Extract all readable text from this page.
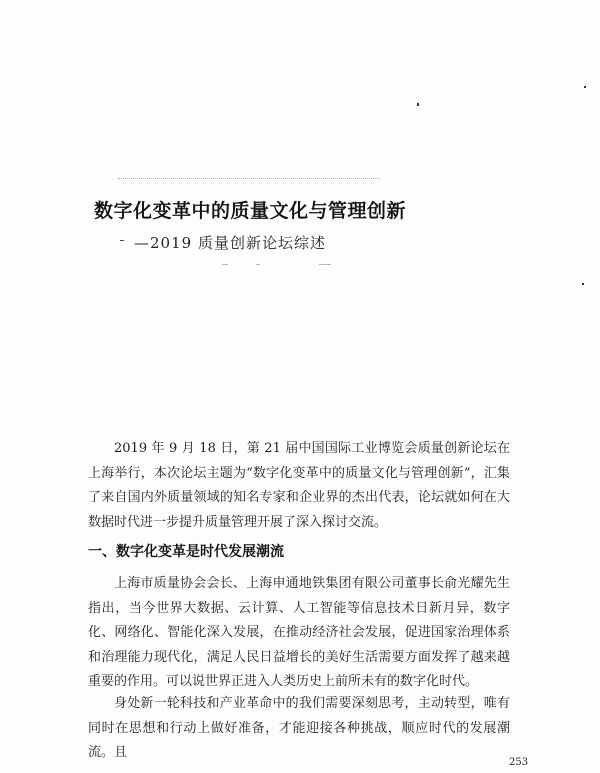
数字化变革中的质量文化与管理创新
—2019 质量创新论坛综述

2019 年 9 月 18 日，第 21 届中国国际工业博览会质量创新论坛在上海举行，本次论坛主题为“数字化变革中的质量文化与管理创新”，汇集了来自国内外质量领域的知名专家和企业界的杰出代表，论坛就如何在大数据时代进一步提升质量管理开展了深入探讨交流。

一、数字化变革是时代发展潮流

上海市质量协会会长、上海申通地铁集团有限公司董事长俞光耀先生指出，当今世界大数据、云计算、人工智能等信息技术日新月异，数字化、网络化、智能化深入发展，在推动经济社会发展，促进国家治理体系和治理能力现代化，满足人民日益增长的美好生活需要方面发挥了越来越重要的作用。可以说世界正进入人类历史上前所未有的数字化时代。

身处新一轮科技和产业革命中的我们需要深刻思考，主动转型，唯有同时在思想和行动上做好准备，才能迎接各种挑战，顺应时代的发展潮流。且

253
